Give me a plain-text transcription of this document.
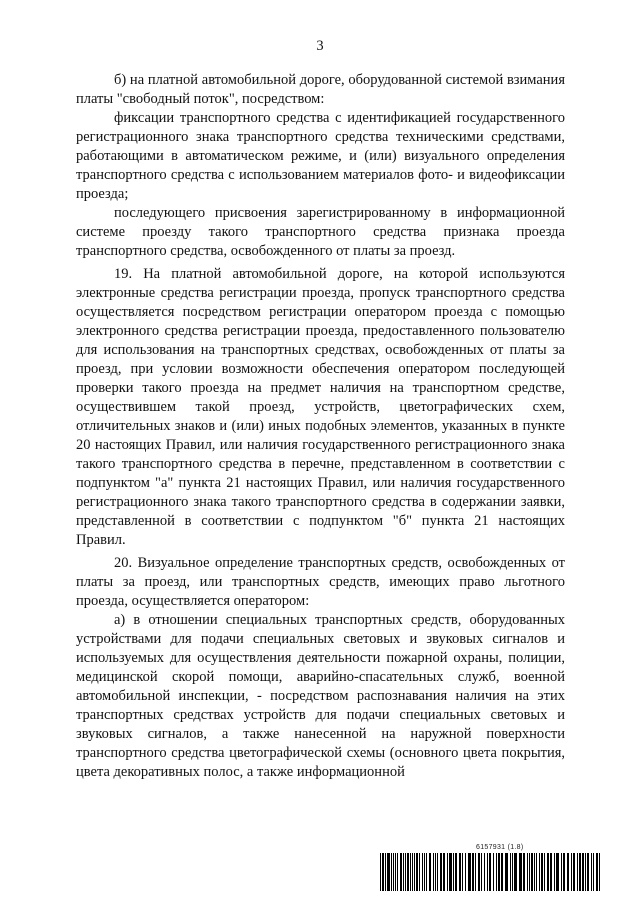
3

б) на платной автомобильной дороге, оборудованной системой взимания платы "свободный поток", посредством:

фиксации транспортного средства с идентификацией государственного регистрационного знака транспортного средства техническими средствами, работающими в автоматическом режиме, и (или) визуального определения транспортного средства с использованием материалов фото- и видеофиксации проезда;

последующего присвоения зарегистрированному в информационной системе проезду такого транспортного средства признака проезда транспортного средства, освобожденного от платы за проезд.

19. На платной автомобильной дороге, на которой используются электронные средства регистрации проезда, пропуск транспортного средства осуществляется посредством регистрации оператором проезда с помощью электронного средства регистрации проезда, предоставленного пользователю для использования на транспортных средствах, освобожденных от платы за проезд, при условии возможности обеспечения оператором последующей проверки такого проезда на предмет наличия на транспортном средстве, осуществившем такой проезд, устройств, цветографических схем, отличительных знаков и (или) иных подобных элементов, указанных в пункте 20 настоящих Правил, или наличия государственного регистрационного знака такого транспортного средства в перечне, представленном в соответствии с подпунктом "а" пункта 21 настоящих Правил, или наличия государственного регистрационного знака такого транспортного средства в содержании заявки, представленной в соответствии с подпунктом "б" пункта 21 настоящих Правил.

20. Визуальное определение транспортных средств, освобожденных от платы за проезд, или транспортных средств, имеющих право льготного проезда, осуществляется оператором:

а) в отношении специальных транспортных средств, оборудованных устройствами для подачи специальных световых и звуковых сигналов и используемых для осуществления деятельности пожарной охраны, полиции, медицинской скорой помощи, аварийно-спасательных служб, военной автомобильной инспекции, - посредством распознавания наличия на этих транспортных средствах устройств для подачи специальных световых и звуковых сигналов, а также нанесенной на наружной поверхности транспортного средства цветографической схемы (основного цвета покрытия, цвета декоративных полос, а также информационной

6157931 (1.8)
